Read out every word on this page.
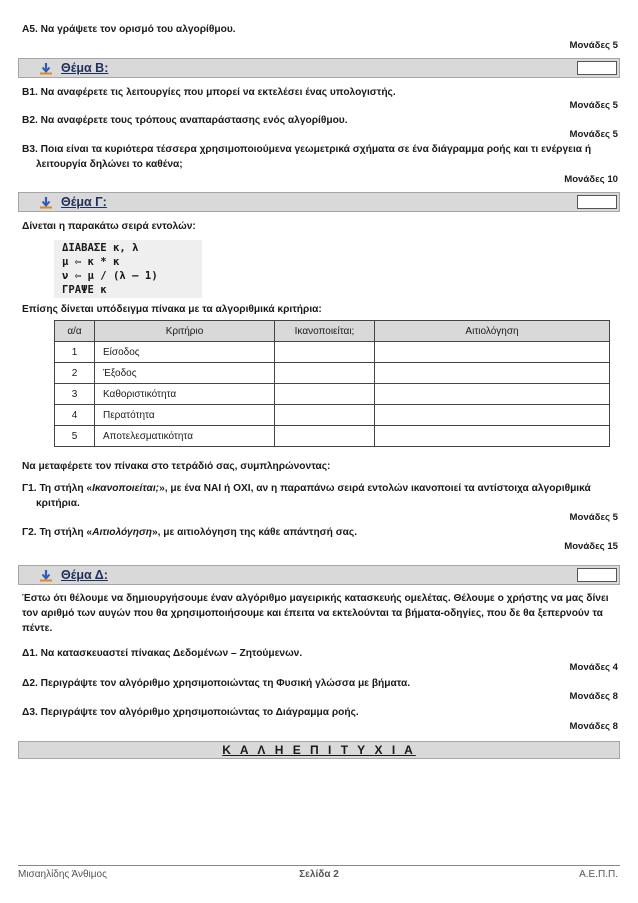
Α5. Να γράψετε τον ορισμό του αλγορίθμου.
Μονάδες 5
Θέμα Β:
Β1. Να αναφέρετε τις λειτουργίες που μπορεί να εκτελέσει ένας υπολογιστής.
Μονάδες 5
Β2. Να αναφέρετε τους τρόπους αναπαράστασης ενός αλγορίθμου.
Μονάδες 5
Β3. Ποια είναι τα κυριότερα τέσσερα χρησιμοποιούμενα γεωμετρικά σχήματα σε ένα διάγραμμα ροής και τι ενέργεια ή λειτουργία δηλώνει το καθένα;
Μονάδες 10
Θέμα Γ:
Δίνεται η παρακάτω σειρά εντολών:
ΔΙΑΒΑΣΕ κ, λ
μ ⇦ κ * κ
ν ⇦ μ / (λ – 1)
ΓΡΑΨΕ κ
Επίσης δίνεται υπόδειγμα πίνακα με τα αλγοριθμικά κριτήρια:
α/α	Κριτήριο	Ικανοποιείται;	Αιτιολόγηση
1	Είσοδος		
2	Έξοδος		
3	Καθοριστικότητα		
4	Περατότητα		
5	Αποτελεσματικότητα		
Να μεταφέρετε τον πίνακα στο τετράδιό σας, συμπληρώνοντας:
Γ1. Τη στήλη «Ικανοποιείται;», με ένα ΝΑΙ ή ΟΧΙ, αν η παραπάνω σειρά εντολών ικανοποιεί τα αντίστοιχα αλγοριθμικά κριτήρια.
Μονάδες 5
Γ2. Τη στήλη «Αιτιολόγηση», με αιτιολόγηση της κάθε απάντησή σας.
Μονάδες 15
Θέμα Δ:
Έστω ότι θέλουμε να δημιουργήσουμε έναν αλγόριθμο μαγειρικής κατασκευής ομελέτας. Θέλουμε ο χρήστης να μας δίνει τον αριθμό των αυγών που θα χρησιμοποιήσουμε και έπειτα να εκτελούνται τα βήματα-οδηγίες, που δε θα ξεπερνούν τα πέντε.
Δ1. Να κατασκευαστεί πίνακας Δεδομένων – Ζητούμενων.
Μονάδες 4
Δ2. Περιγράψτε τον αλγόριθμο χρησιμοποιώντας τη Φυσική γλώσσα με βήματα.
Μονάδες 8
Δ3. Περιγράψτε τον αλγόριθμο χρησιμοποιώντας το Διάγραμμα ροής.
Μονάδες 8
Κ Α Λ Η Ε Π Ι Τ Υ Χ Ι Α
Μισαηλίδης Άνθιμος	Σελίδα 2	Α.Ε.Π.Π.
